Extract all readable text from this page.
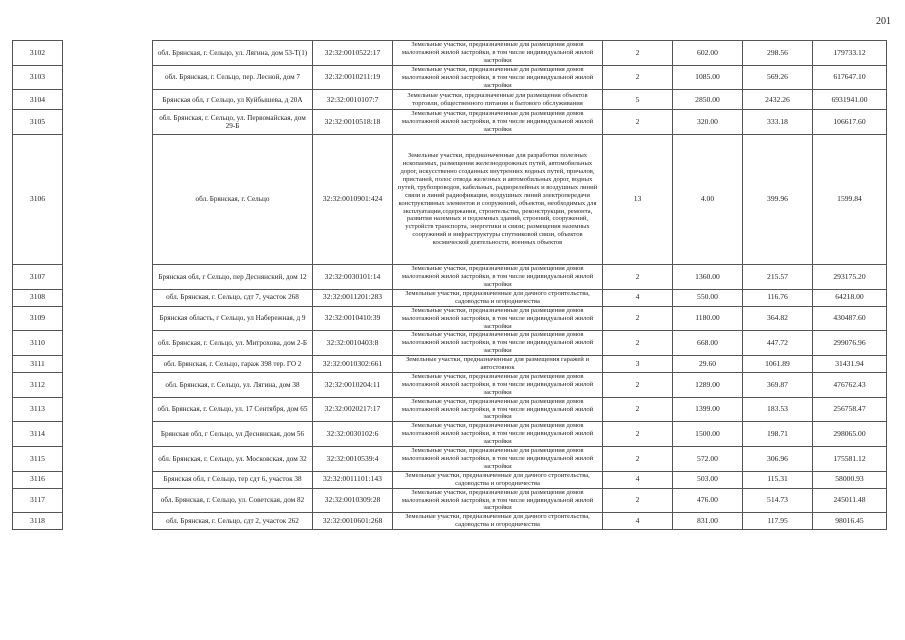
201
3102		обл. Брянская, г. Сельцо, ул. Лягина, дом 53-Т(1)	32:32:0010522:17	Земельные участки, предназначенные для размещения домов малоэтажной жилой застройки, в том числе индивидуальной жилой застройки	2	602.00	298.56	179733.12
3103		обл. Брянская, г. Сельцо, пер. Лесной, дом 7	32:32:0010211:19	Земельные участки, предназначенные для размещения домов малоэтажной жилой застройки, в том числе индивидуальной жилой застройки	2	1085.00	569.26	617647.10
3104		Брянская обл, г Сельцо, ул Куйбышева, д 20А	32:32:0010107:7	Земельные участки, предназначенные для размещения объектов торговли, общественного питания и бытового обслуживания	5	2850.00	2432.26	6931941.00
3105		обл. Брянская, г. Сельцо, ул. Первомайская, дом 29-Б	32:32:0010518:18	Земельные участки, предназначенные для размещения домов малоэтажной жилой застройки, в том числе индивидуальной жилой застройки	2	320.00	333.18	106617.60
3106		обл. Брянская, г. Сельцо	32:32:0010901:424	Земельные участки, предназначенные для разработки полезных ископаемых, размещения железнодорожных путей, автомобильных дорог, искусственно созданных внутренних водных путей, причалов, пристаней, полос отвода железных и автомобильных дорог, водных путей, трубопроводов, кабельных, радиорелейных и воздушных линий связи и линий радиофикации, воздушных линий электропередачи конструктивных элементов и сооружений, объектов, необходимых для эксплуатации,содержания, строительства, реконструкции, ремонта, развития наземных и подземных зданий, строений, сооружений, устройств транспорта, энергетики и связи; размещения наземных сооружений и инфраструктуры спутниковой связи, объектов космической деятельности, военных объектов	13	4.00	399.96	1599.84
3107		Брянская обл, г Сельцо, пер Деснянский, дом 12	32:32:0030101:14	Земельные участки, предназначенные для размещения домов малоэтажной жилой застройки, в том числе индивидуальной жилой застройки	2	1360.00	215.57	293175.20
3108		обл. Брянская, г. Сельцо, сдт 7, участок 268	32:32:0011201:283	Земельные участки, предназначенные для дачного строительства, садоводства и огородничества	4	550.00	116.76	64218.00
3109		Брянская область, г Сельцо, ул Набережная, д 9	32:32:0010410:39	Земельные участки, предназначенные для размещения домов малоэтажной жилой застройки, в том числе индивидуальной жилой застройки	2	1180.00	364.82	430487.60
3110		обл. Брянская, г. Сельцо, ул. Митрохова, дом 2-Б	32:32:0010403:8	Земельные участки, предназначенные для размещения домов малоэтажной жилой застройки, в том числе индивидуальной жилой застройки	2	668.00	447.72	299076.96
3111		обл. Брянская, г. Сельцо, гараж 398 тер. ГО 2	32:32:0010302:661	Земельные участки, предназначенные для размещения гаражей и автостоянок	3	29.60	1061.89	31431.94
3112		обл. Брянская, г. Сельцо, ул. Лягина, дом 38	32:32:0010204:11	Земельные участки, предназначенные для размещения домов малоэтажной жилой застройки, в том числе индивидуальной жилой застройки	2	1289.00	369.87	476762.43
3113		обл. Брянская, г. Сельцо, ул. 17 Сентября, дом 65	32:32:0020217:17	Земельные участки, предназначенные для размещения домов малоэтажной жилой застройки, в том числе индивидуальной жилой застройки	2	1399.00	183.53	256758.47
3114		Брянская обл, г Сельцо, ул Деснянская, дом 56	32:32:0030102:6	Земельные участки, предназначенные для размещения домов малоэтажной жилой застройки, в том числе индивидуальной жилой застройки	2	1500.00	198.71	298065.00
3115		обл. Брянская, г. Сельцо, ул. Московская, дом 32	32:32:0010539:4	Земельные участки, предназначенные для размещения домов малоэтажной жилой застройки, в том числе индивидуальной жилой застройки	2	572.00	306.96	175581.12
3116		Брянская обл, г Сельцо, тер сдт 6, участок 38	32:32:0011101:143	Земельные участки, предназначенные для дачного строительства, садоводства и огородничества	4	503.00	115.31	58000.93
3117		обл. Брянская, г. Сельцо, ул. Советская, дом 82	32:32:0010309:28	Земельные участки, предназначенные для размещения домов малоэтажной жилой застройки, в том числе индивидуальной жилой застройки	2	476.00	514.73	245011.48
3118		обл. Брянская, г. Сельцо, сдт 2, участок 262	32:32:0010601:268	Земельные участки, предназначенные для дачного строительства, садоводства и огородничества	4	831.00	117.95	98016.45
